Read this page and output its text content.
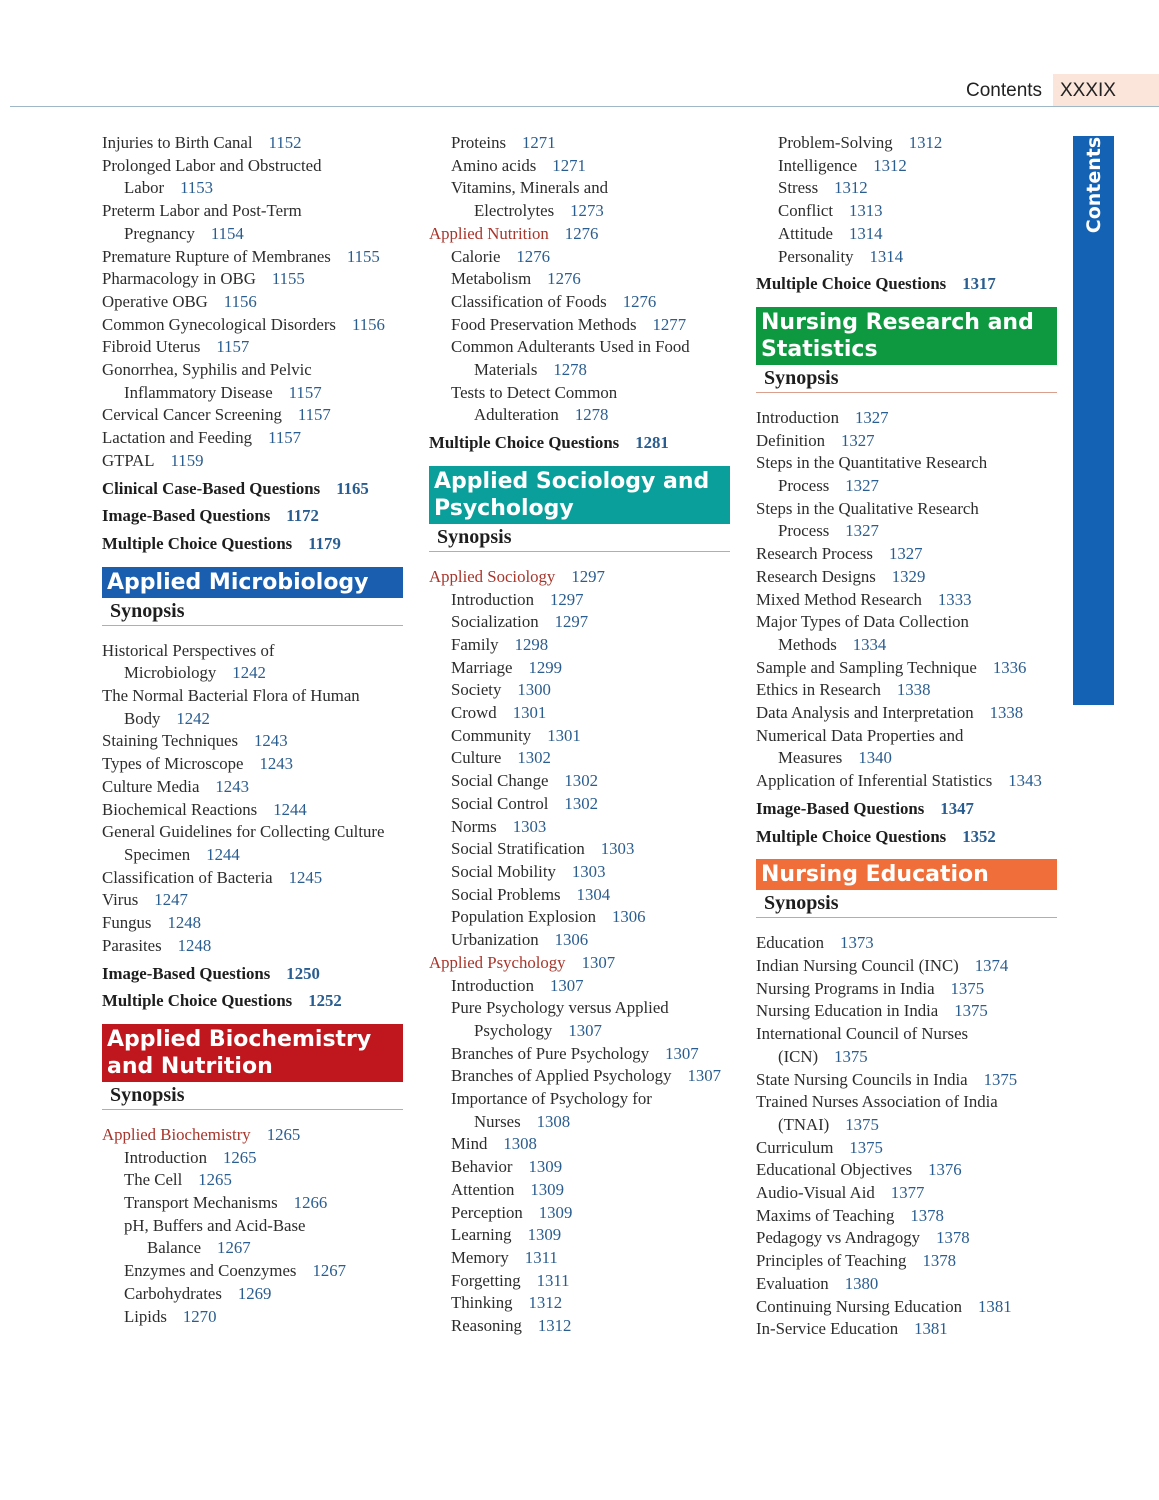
Contents XXXIX
Contents
Injuries to Birth Canal 1152
Prolonged Labor and Obstructed
Labor 1153
Preterm Labor and Post-Term
Pregnancy 1154
Premature Rupture of Membranes 1155
Pharmacology in OBG 1155
Operative OBG 1156
Common Gynecological Disorders 1156
Fibroid Uterus 1157
Gonorrhea, Syphilis and Pelvic
Inflammatory Disease 1157
Cervical Cancer Screening 1157
Lactation and Feeding 1157
GTPAL 1159
Clinical Case-Based Questions 1165
Image-Based Questions 1172
Multiple Choice Questions 1179
Applied Microbiology
Synopsis
Historical Perspectives of
Microbiology 1242
The Normal Bacterial Flora of Human
Body 1242
Staining Techniques 1243
Types of Microscope 1243
Culture Media 1243
Biochemical Reactions 1244
General Guidelines for Collecting Culture
Specimen 1244
Classification of Bacteria 1245
Virus 1247
Fungus 1248
Parasites 1248
Image-Based Questions 1250
Multiple Choice Questions 1252
Applied Biochemistry and Nutrition
Synopsis
Applied Biochemistry 1265
Introduction 1265
The Cell 1265
Transport Mechanisms 1266
pH, Buffers and Acid-Base
Balance 1267
Enzymes and Coenzymes 1267
Carbohydrates 1269
Lipids 1270
Proteins 1271
Amino acids 1271
Vitamins, Minerals and
Electrolytes 1273
Applied Nutrition 1276
Calorie 1276
Metabolism 1276
Classification of Foods 1276
Food Preservation Methods 1277
Common Adulterants Used in Food
Materials 1278
Tests to Detect Common
Adulteration 1278
Multiple Choice Questions 1281
Applied Sociology and Psychology
Synopsis
Applied Sociology 1297
Introduction 1297
Socialization 1297
Family 1298
Marriage 1299
Society 1300
Crowd 1301
Community 1301
Culture 1302
Social Change 1302
Social Control 1302
Norms 1303
Social Stratification 1303
Social Mobility 1303
Social Problems 1304
Population Explosion 1306
Urbanization 1306
Applied Psychology 1307
Introduction 1307
Pure Psychology versus Applied
Psychology 1307
Branches of Pure Psychology 1307
Branches of Applied Psychology 1307
Importance of Psychology for
Nurses 1308
Mind 1308
Behavior 1309
Attention 1309
Perception 1309
Learning 1309
Memory 1311
Forgetting 1311
Thinking 1312
Reasoning 1312
Problem-Solving 1312
Intelligence 1312
Stress 1312
Conflict 1313
Attitude 1314
Personality 1314
Multiple Choice Questions 1317
Nursing Research and Statistics
Synopsis
Introduction 1327
Definition 1327
Steps in the Quantitative Research
Process 1327
Steps in the Qualitative Research
Process 1327
Research Process 1327
Research Designs 1329
Mixed Method Research 1333
Major Types of Data Collection
Methods 1334
Sample and Sampling Technique 1336
Ethics in Research 1338
Data Analysis and Interpretation 1338
Numerical Data Properties and
Measures 1340
Application of Inferential Statistics 1343
Image-Based Questions 1347
Multiple Choice Questions 1352
Nursing Education
Synopsis
Education 1373
Indian Nursing Council (INC) 1374
Nursing Programs in India 1375
Nursing Education in India 1375
International Council of Nurses
(ICN) 1375
State Nursing Councils in India 1375
Trained Nurses Association of India
(TNAI) 1375
Curriculum 1375
Educational Objectives 1376
Audio-Visual Aid 1377
Maxims of Teaching 1378
Pedagogy vs Andragogy 1378
Principles of Teaching 1378
Evaluation 1380
Continuing Nursing Education 1381
In-Service Education 1381
